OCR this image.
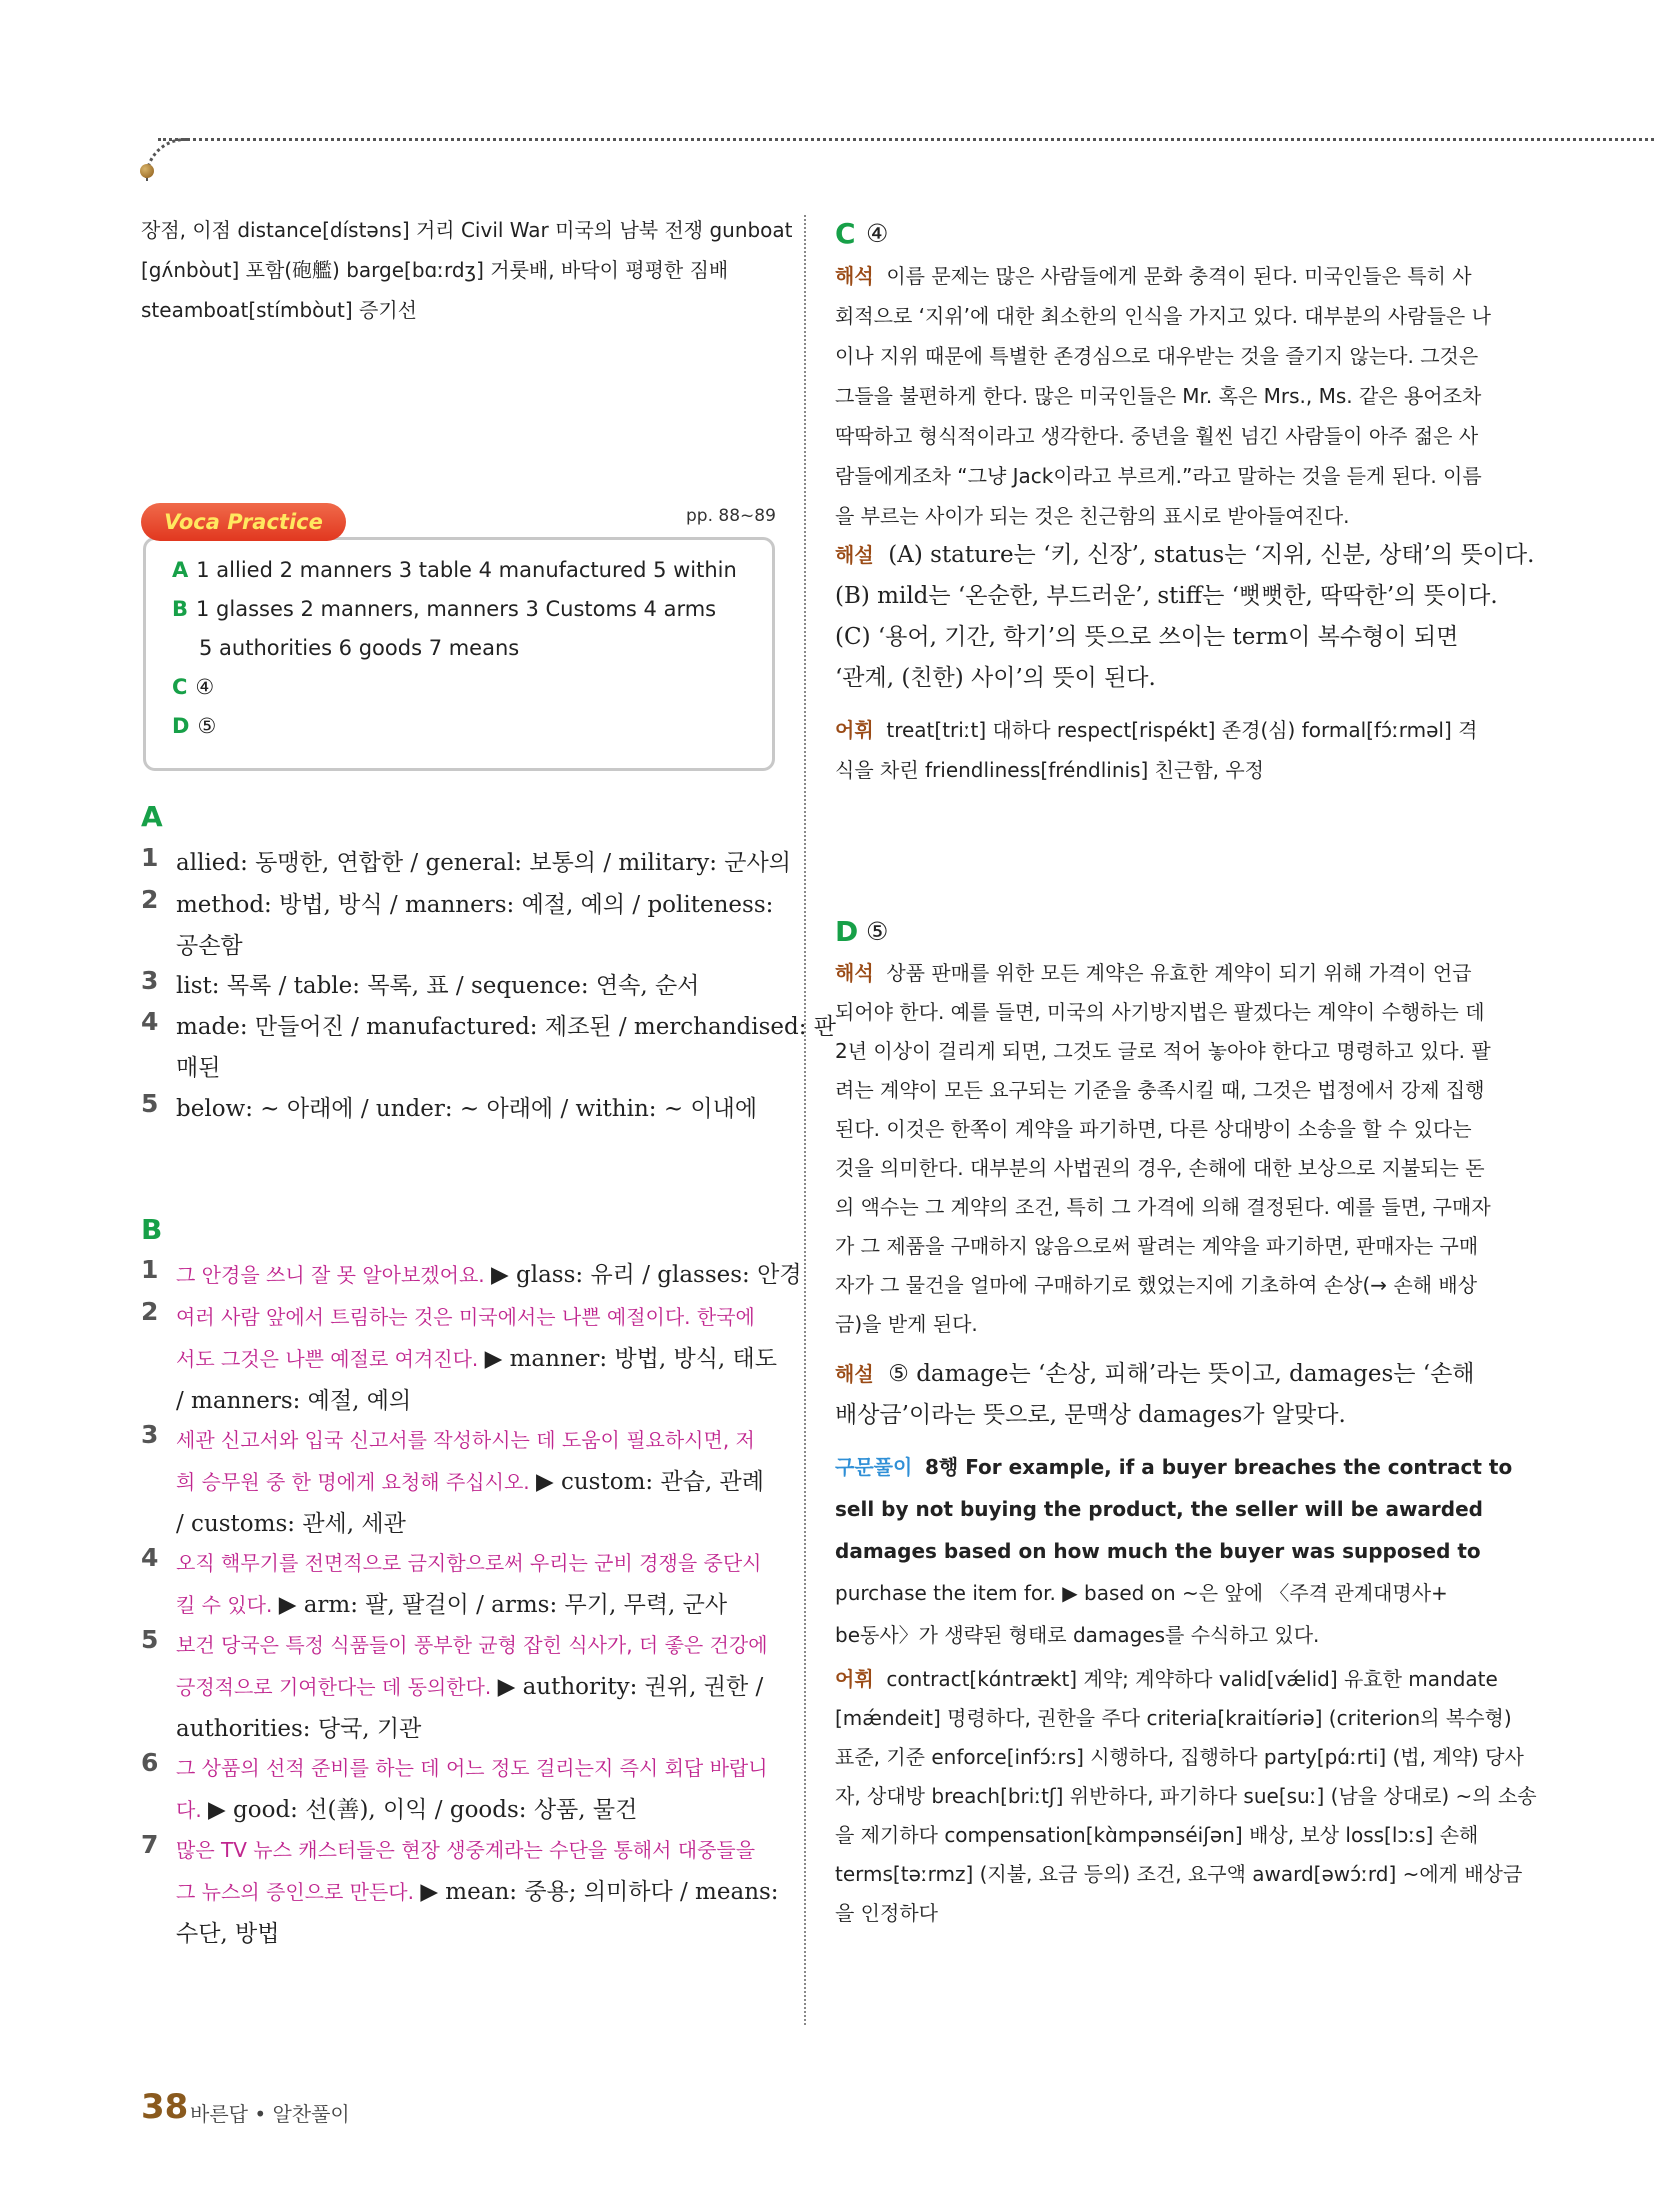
장점, 이점 distance[dístəns] 거리 Civil War 미국의 남북 전쟁 gunboat
[gʌ́nbòut] 포함(砲艦) barge[bɑːrdʒ] 거룻배, 바닥이 평평한 짐배
steamboat[stímbòut] 증기선
Voca Practice	pp. 88~89
A 1 allied 2 manners 3 table 4 manufactured 5 within
B 1 glasses 2 manners, manners 3 Customs 4 arms
5 authorities 6 goods 7 means
C ④
D ⑤
A
1 allied: 동맹한, 연합한 / general: 보통의 / military: 군사의
2 method: 방법, 방식 / manners: 예절, 예의 / politeness:
공손함
3 list: 목록 / table: 목록, 표 / sequence: 연속, 순서
4 made: 만들어진 / manufactured: 제조된 / merchandised: 판
매된
5 below: ~ 아래에 / under: ~ 아래에 / within: ~ 이내에
B
1 그 안경을 쓰니 잘 못 알아보겠어요. ▶ glass: 유리 / glasses: 안경
2 여러 사람 앞에서 트림하는 것은 미국에서는 나쁜 예절이다. 한국에
서도 그것은 나쁜 예절로 여겨진다. ▶ manner: 방법, 방식, 태도
/ manners: 예절, 예의
3 세관 신고서와 입국 신고서를 작성하시는 데 도움이 필요하시면, 저
희 승무원 중 한 명에게 요청해 주십시오. ▶ custom: 관습, 관례
/ customs: 관세, 세관
4 오직 핵무기를 전면적으로 금지함으로써 우리는 군비 경쟁을 중단시
킬 수 있다. ▶ arm: 팔, 팔걸이 / arms: 무기, 무력, 군사
5 보건 당국은 특정 식품들이 풍부한 균형 잡힌 식사가, 더 좋은 건강에
긍정적으로 기여한다는 데 동의한다. ▶ authority: 권위, 권한 /
authorities: 당국, 기관
6 그 상품의 선적 준비를 하는 데 어느 정도 걸리는지 즉시 회답 바랍니
다. ▶ good: 선(善), 이익 / goods: 상품, 물건
7 많은 TV 뉴스 캐스터들은 현장 생중계라는 수단을 통해서 대중들을
그 뉴스의 증인으로 만든다. ▶ mean: 중용; 의미하다 / means:
수단, 방법
C ④
해석 이름 문제는 많은 사람들에게 문화 충격이 된다. 미국인들은 특히 사
회적으로 ‘지위’에 대한 최소한의 인식을 가지고 있다. 대부분의 사람들은 나
이나 지위 때문에 특별한 존경심으로 대우받는 것을 즐기지 않는다. 그것은
그들을 불편하게 한다. 많은 미국인들은 Mr. 혹은 Mrs., Ms. 같은 용어조차
딱딱하고 형식적이라고 생각한다. 중년을 훨씬 넘긴 사람들이 아주 젊은 사
람들에게조차 “그냥 Jack이라고 부르게.”라고 말하는 것을 듣게 된다. 이름
을 부르는 사이가 되는 것은 친근함의 표시로 받아들여진다.
해설 (A) stature는 ‘키, 신장’, status는 ‘지위, 신분, 상태’의 뜻이다.
(B) mild는 ‘온순한, 부드러운’, stiff는 ‘뻣뻣한, 딱딱한’의 뜻이다.
(C) ‘용어, 기간, 학기’의 뜻으로 쓰이는 term이 복수형이 되면
‘관계, (친한) 사이’의 뜻이 된다.
어휘 treat[triːt] 대하다 respect[rispékt] 존경(심) formal[fɔ́ːrməl] 격
식을 차린 friendliness[fréndlinis] 친근함, 우정
D ⑤
해석 상품 판매를 위한 모든 계약은 유효한 계약이 되기 위해 가격이 언급
되어야 한다. 예를 들면, 미국의 사기방지법은 팔겠다는 계약이 수행하는 데
2년 이상이 걸리게 되면, 그것도 글로 적어 놓아야 한다고 명령하고 있다. 팔
려는 계약이 모든 요구되는 기준을 충족시킬 때, 그것은 법정에서 강제 집행
된다. 이것은 한쪽이 계약을 파기하면, 다른 상대방이 소송을 할 수 있다는
것을 의미한다. 대부분의 사법권의 경우, 손해에 대한 보상으로 지불되는 돈
의 액수는 그 계약의 조건, 특히 그 가격에 의해 결정된다. 예를 들면, 구매자
가 그 제품을 구매하지 않음으로써 팔려는 계약을 파기하면, 판매자는 구매
자가 그 물건을 얼마에 구매하기로 했었는지에 기초하여 손상(→ 손해 배상
금)을 받게 된다.
해설 ⑤ damage는 ‘손상, 피해’라는 뜻이고, damages는 ‘손해
배상금’이라는 뜻으로, 문맥상 damages가 알맞다.
구문풀이 8행 For example, if a buyer breaches the contract to
sell by not buying the product, the seller will be awarded
damages based on how much the buyer was supposed to
purchase the item for. ▶ based on ~은 앞에 〈주격 관계대명사+
be동사〉가 생략된 형태로 damages를 수식하고 있다.
어휘 contract[kɑ́ntrækt] 계약; 계약하다 valid[vǽlid] 유효한 mandate
[mǽndeit] 명령하다, 권한을 주다 criteria[kraitíəriə] (criterion의 복수형)
표준, 기준 enforce[infɔ́ːrs] 시행하다, 집행하다 party[pɑ́ːrti] (법, 계약) 당사
자, 상대방 breach[briːtʃ] 위반하다, 파기하다 sue[suː] (남을 상대로) ~의 소송
을 제기하다 compensation[kɑ̀mpənséiʃən] 배상, 보상 loss[lɔːs] 손해
terms[təːrmz] (지불, 요금 등의) 조건, 요구액 award[əwɔ́ːrd] ~에게 배상금
을 인정하다
38 바른답 • 알찬풀이
